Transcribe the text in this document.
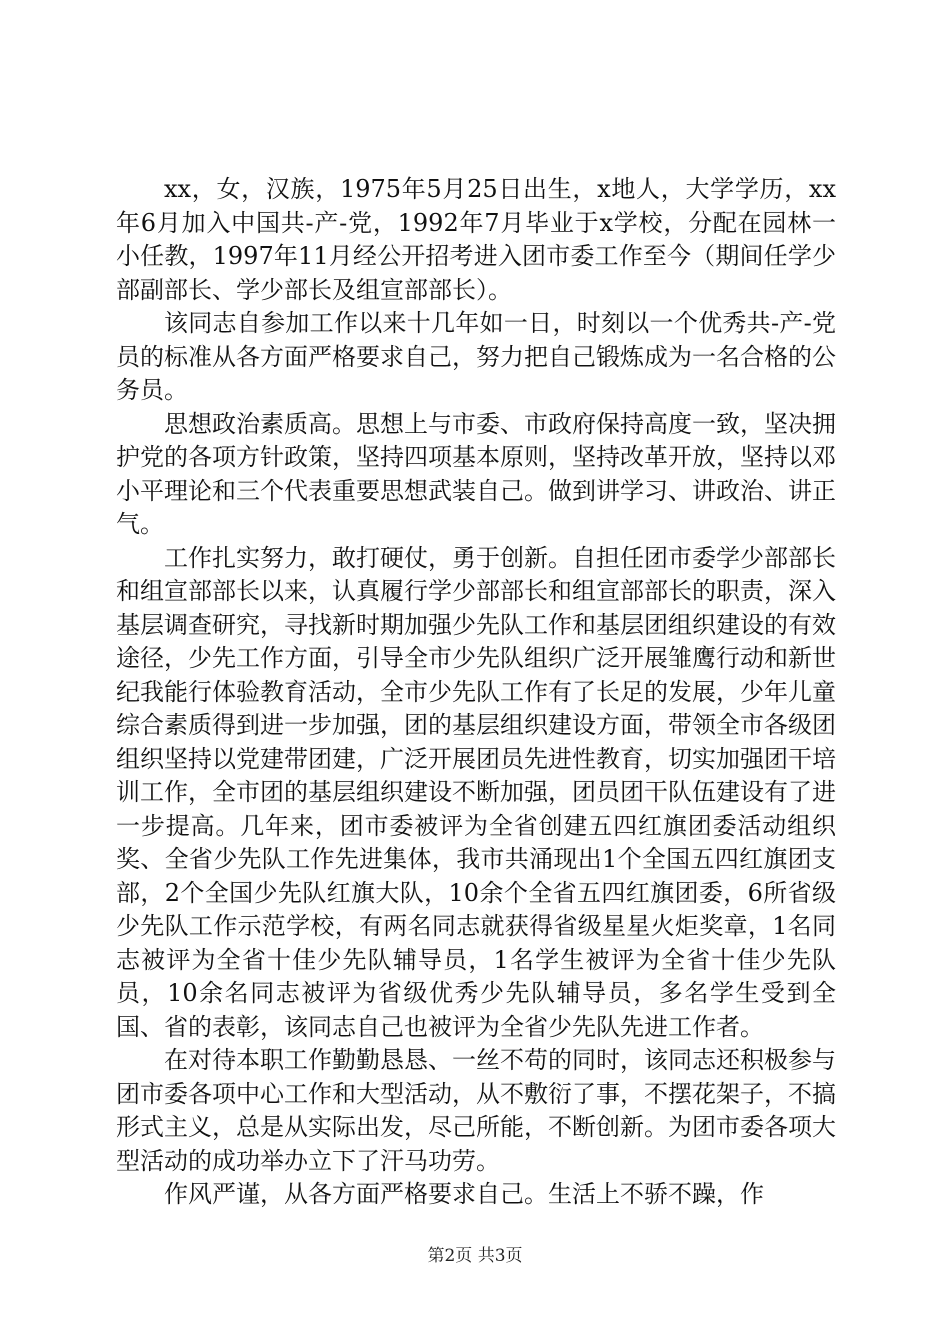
xx，女，汉族，1975年5月25日出生，x地人，大学学历，xx年6月加入中国共-产-党，1992年7月毕业于x学校，分配在园林一小任教，1997年11月经公开招考进入团市委工作至今（期间任学少部副部长、学少部长及组宣部部长）。

该同志自参加工作以来十几年如一日，时刻以一个优秀共-产-党员的标准从各方面严格要求自己，努力把自己锻炼成为一名合格的公务员。

思想政治素质高。思想上与市委、市政府保持高度一致，坚决拥护党的各项方针政策，坚持四项基本原则，坚持改革开放，坚持以邓小平理论和三个代表重要思想武装自己。做到讲学习、讲政治、讲正气。

工作扎实努力，敢打硬仗，勇于创新。自担任团市委学少部部长和组宣部部长以来，认真履行学少部部长和组宣部部长的职责，深入基层调查研究，寻找新时期加强少先队工作和基层团组织建设的有效途径，少先工作方面，引导全市少先队组织广泛开展雏鹰行动和新世纪我能行体验教育活动，全市少先队工作有了长足的发展，少年儿童综合素质得到进一步加强，团的基层组织建设方面，带领全市各级团组织坚持以党建带团建，广泛开展团员先进性教育，切实加强团干培训工作，全市团的基层组织建设不断加强，团员团干队伍建设有了进一步提高。几年来，团市委被评为全省创建五四红旗团委活动组织奖、全省少先队工作先进集体，我市共涌现出1个全国五四红旗团支部，2个全国少先队红旗大队，10余个全省五四红旗团委，6所省级少先队工作示范学校，有两名同志就获得省级星星火炬奖章，1名同志被评为全省十佳少先队辅导员，1名学生被评为全省十佳少先队员，10余名同志被评为省级优秀少先队辅导员，多名学生受到全国、省的表彰，该同志自己也被评为全省少先队先进工作者。

在对待本职工作勤勤恳恳、一丝不苟的同时，该同志还积极参与团市委各项中心工作和大型活动，从不敷衍了事，不摆花架子，不搞形式主义，总是从实际出发，尽己所能，不断创新。为团市委各项大型活动的成功举办立下了汗马功劳。

作风严谨，从各方面严格要求自己。生活上不骄不躁，作

第2页 共3页
